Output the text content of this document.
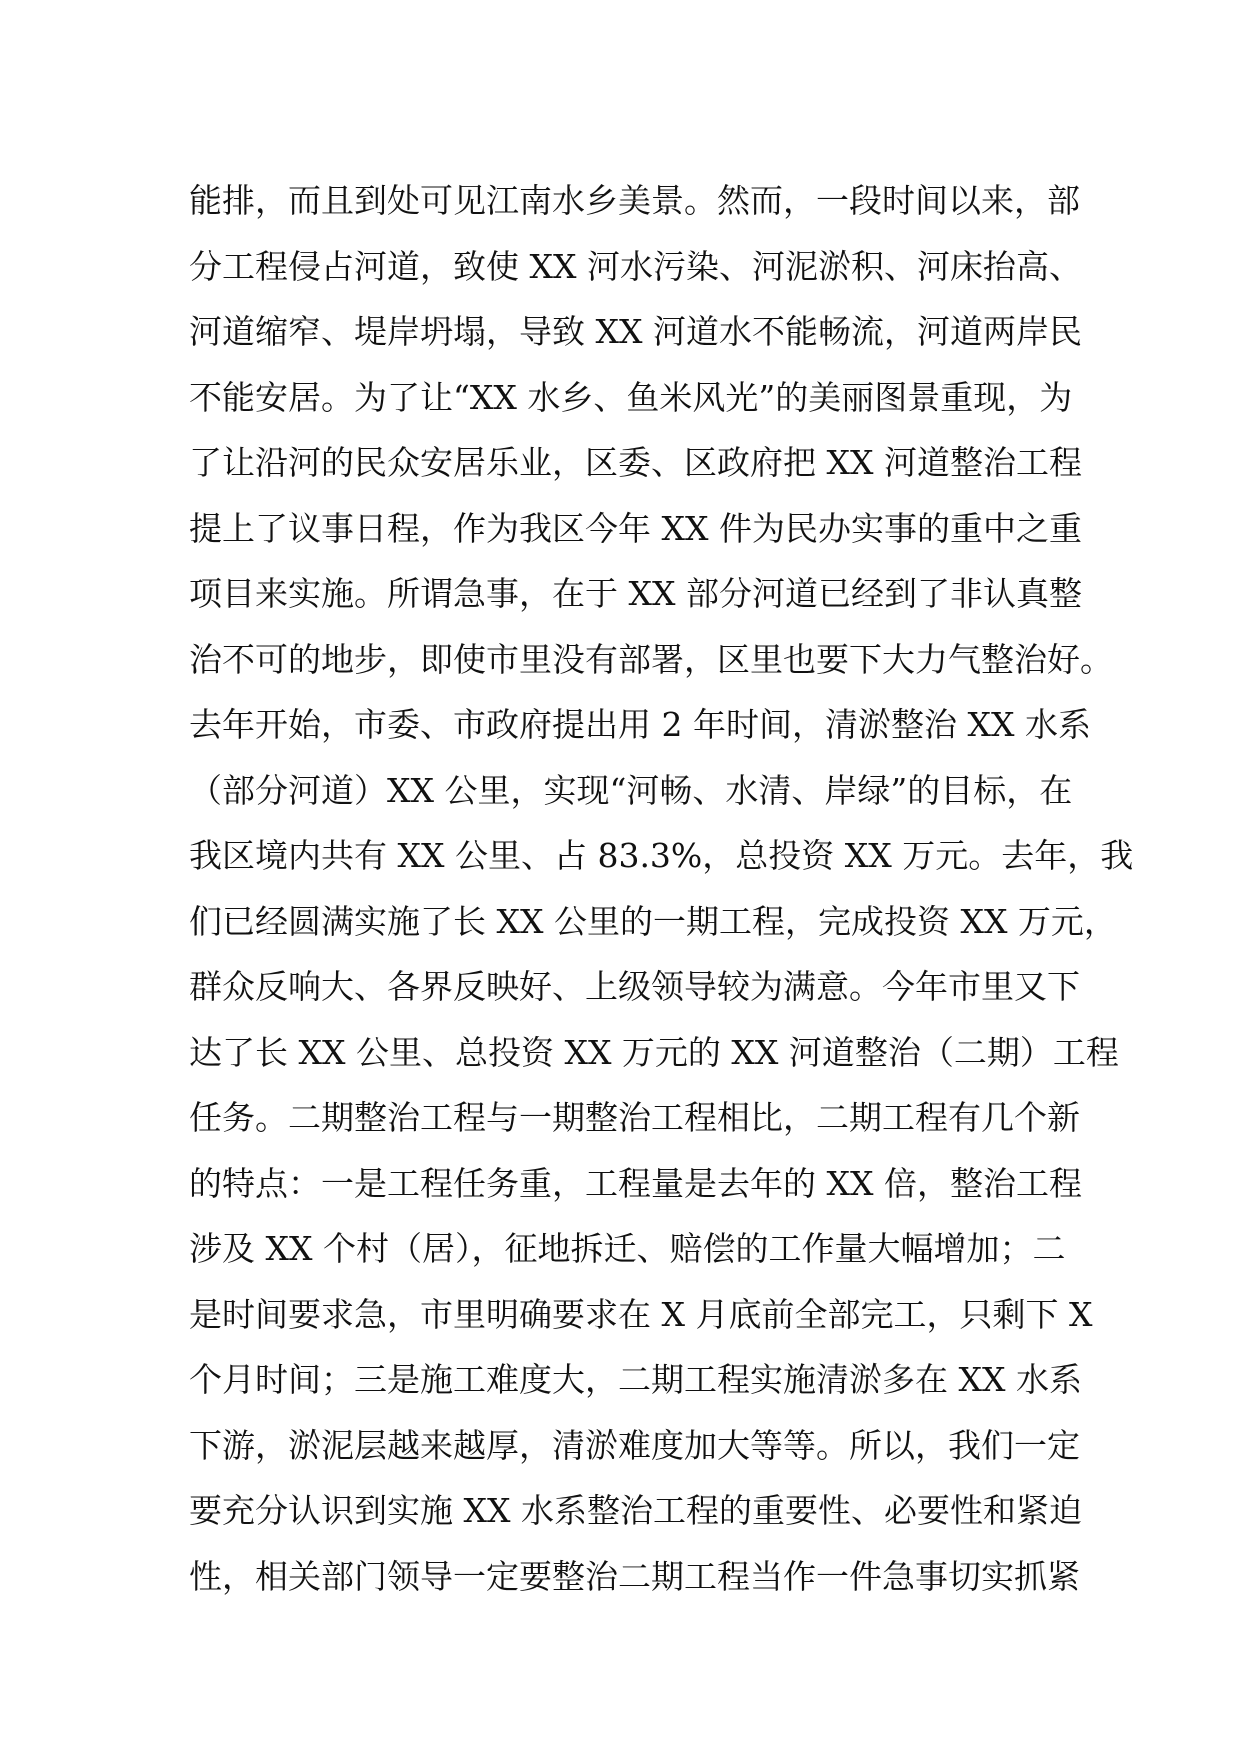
能排，而且到处可见江南水乡美景。然而，一段时间以来，部
分工程侵占河道，致使 XX 河水污染、河泥淤积、河床抬高、
河道缩窄、堤岸坍塌，导致 XX 河道水不能畅流，河道两岸民
不能安居。为了让“XX 水乡、鱼米风光”的美丽图景重现，为
了让沿河的民众安居乐业，区委、区政府把 XX 河道整治工程
提上了议事日程，作为我区今年 XX 件为民办实事的重中之重
项目来实施。所谓急事，在于 XX 部分河道已经到了非认真整
治不可的地步，即使市里没有部署，区里也要下大力气整治好。
去年开始，市委、市政府提出用 2 年时间，清淤整治 XX 水系
（部分河道）XX 公里，实现“河畅、水清、岸绿”的目标，在
我区境内共有 XX 公里、占 83.3%，总投资 XX 万元。去年，我
们已经圆满实施了长 XX 公里的一期工程，完成投资 XX 万元，
群众反响大、各界反映好、上级领导较为满意。今年市里又下
达了长 XX 公里、总投资 XX 万元的 XX 河道整治（二期）工程
任务。二期整治工程与一期整治工程相比，二期工程有几个新
的特点：一是工程任务重，工程量是去年的 XX 倍，整治工程
涉及 XX 个村（居），征地拆迁、赔偿的工作量大幅增加；二
是时间要求急，市里明确要求在 X 月底前全部完工，只剩下 X
个月时间；三是施工难度大，二期工程实施清淤多在 XX 水系
下游，淤泥层越来越厚，清淤难度加大等等。所以，我们一定
要充分认识到实施 XX 水系整治工程的重要性、必要性和紧迫
性，相关部门领导一定要整治二期工程当作一件急事切实抓紧
